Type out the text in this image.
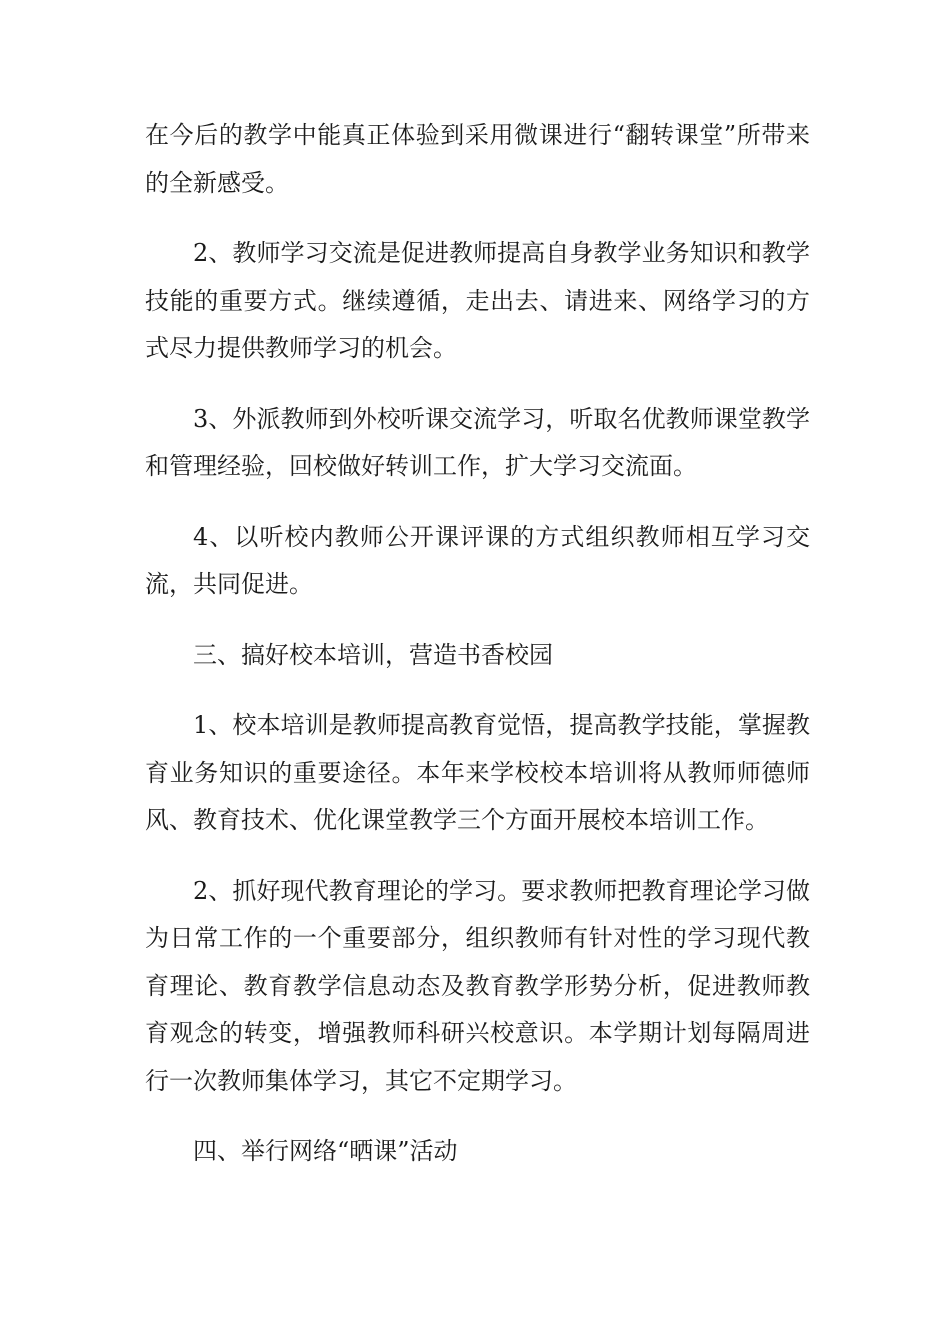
在今后的教学中能真正体验到采用微课进行“翻转课堂”所带来的全新感受。

2、教师学习交流是促进教师提高自身教学业务知识和教学技能的重要方式。继续遵循，走出去、请进来、网络学习的方式尽力提供教师学习的机会。

3、外派教师到外校听课交流学习，听取名优教师课堂教学和管理经验，回校做好转训工作，扩大学习交流面。

4、以听校内教师公开课评课的方式组织教师相互学习交流，共同促进。

三、搞好校本培训，营造书香校园

1、校本培训是教师提高教育觉悟，提高教学技能，掌握教育业务知识的重要途径。本年来学校校本培训将从教师师德师风、教育技术、优化课堂教学三个方面开展校本培训工作。

2、抓好现代教育理论的学习。要求教师把教育理论学习做为日常工作的一个重要部分，组织教师有针对性的学习现代教育理论、教育教学信息动态及教育教学形势分析，促进教师教育观念的转变，增强教师科研兴校意识。本学期计划每隔周进行一次教师集体学习，其它不定期学习。

四、举行网络“晒课”活动
